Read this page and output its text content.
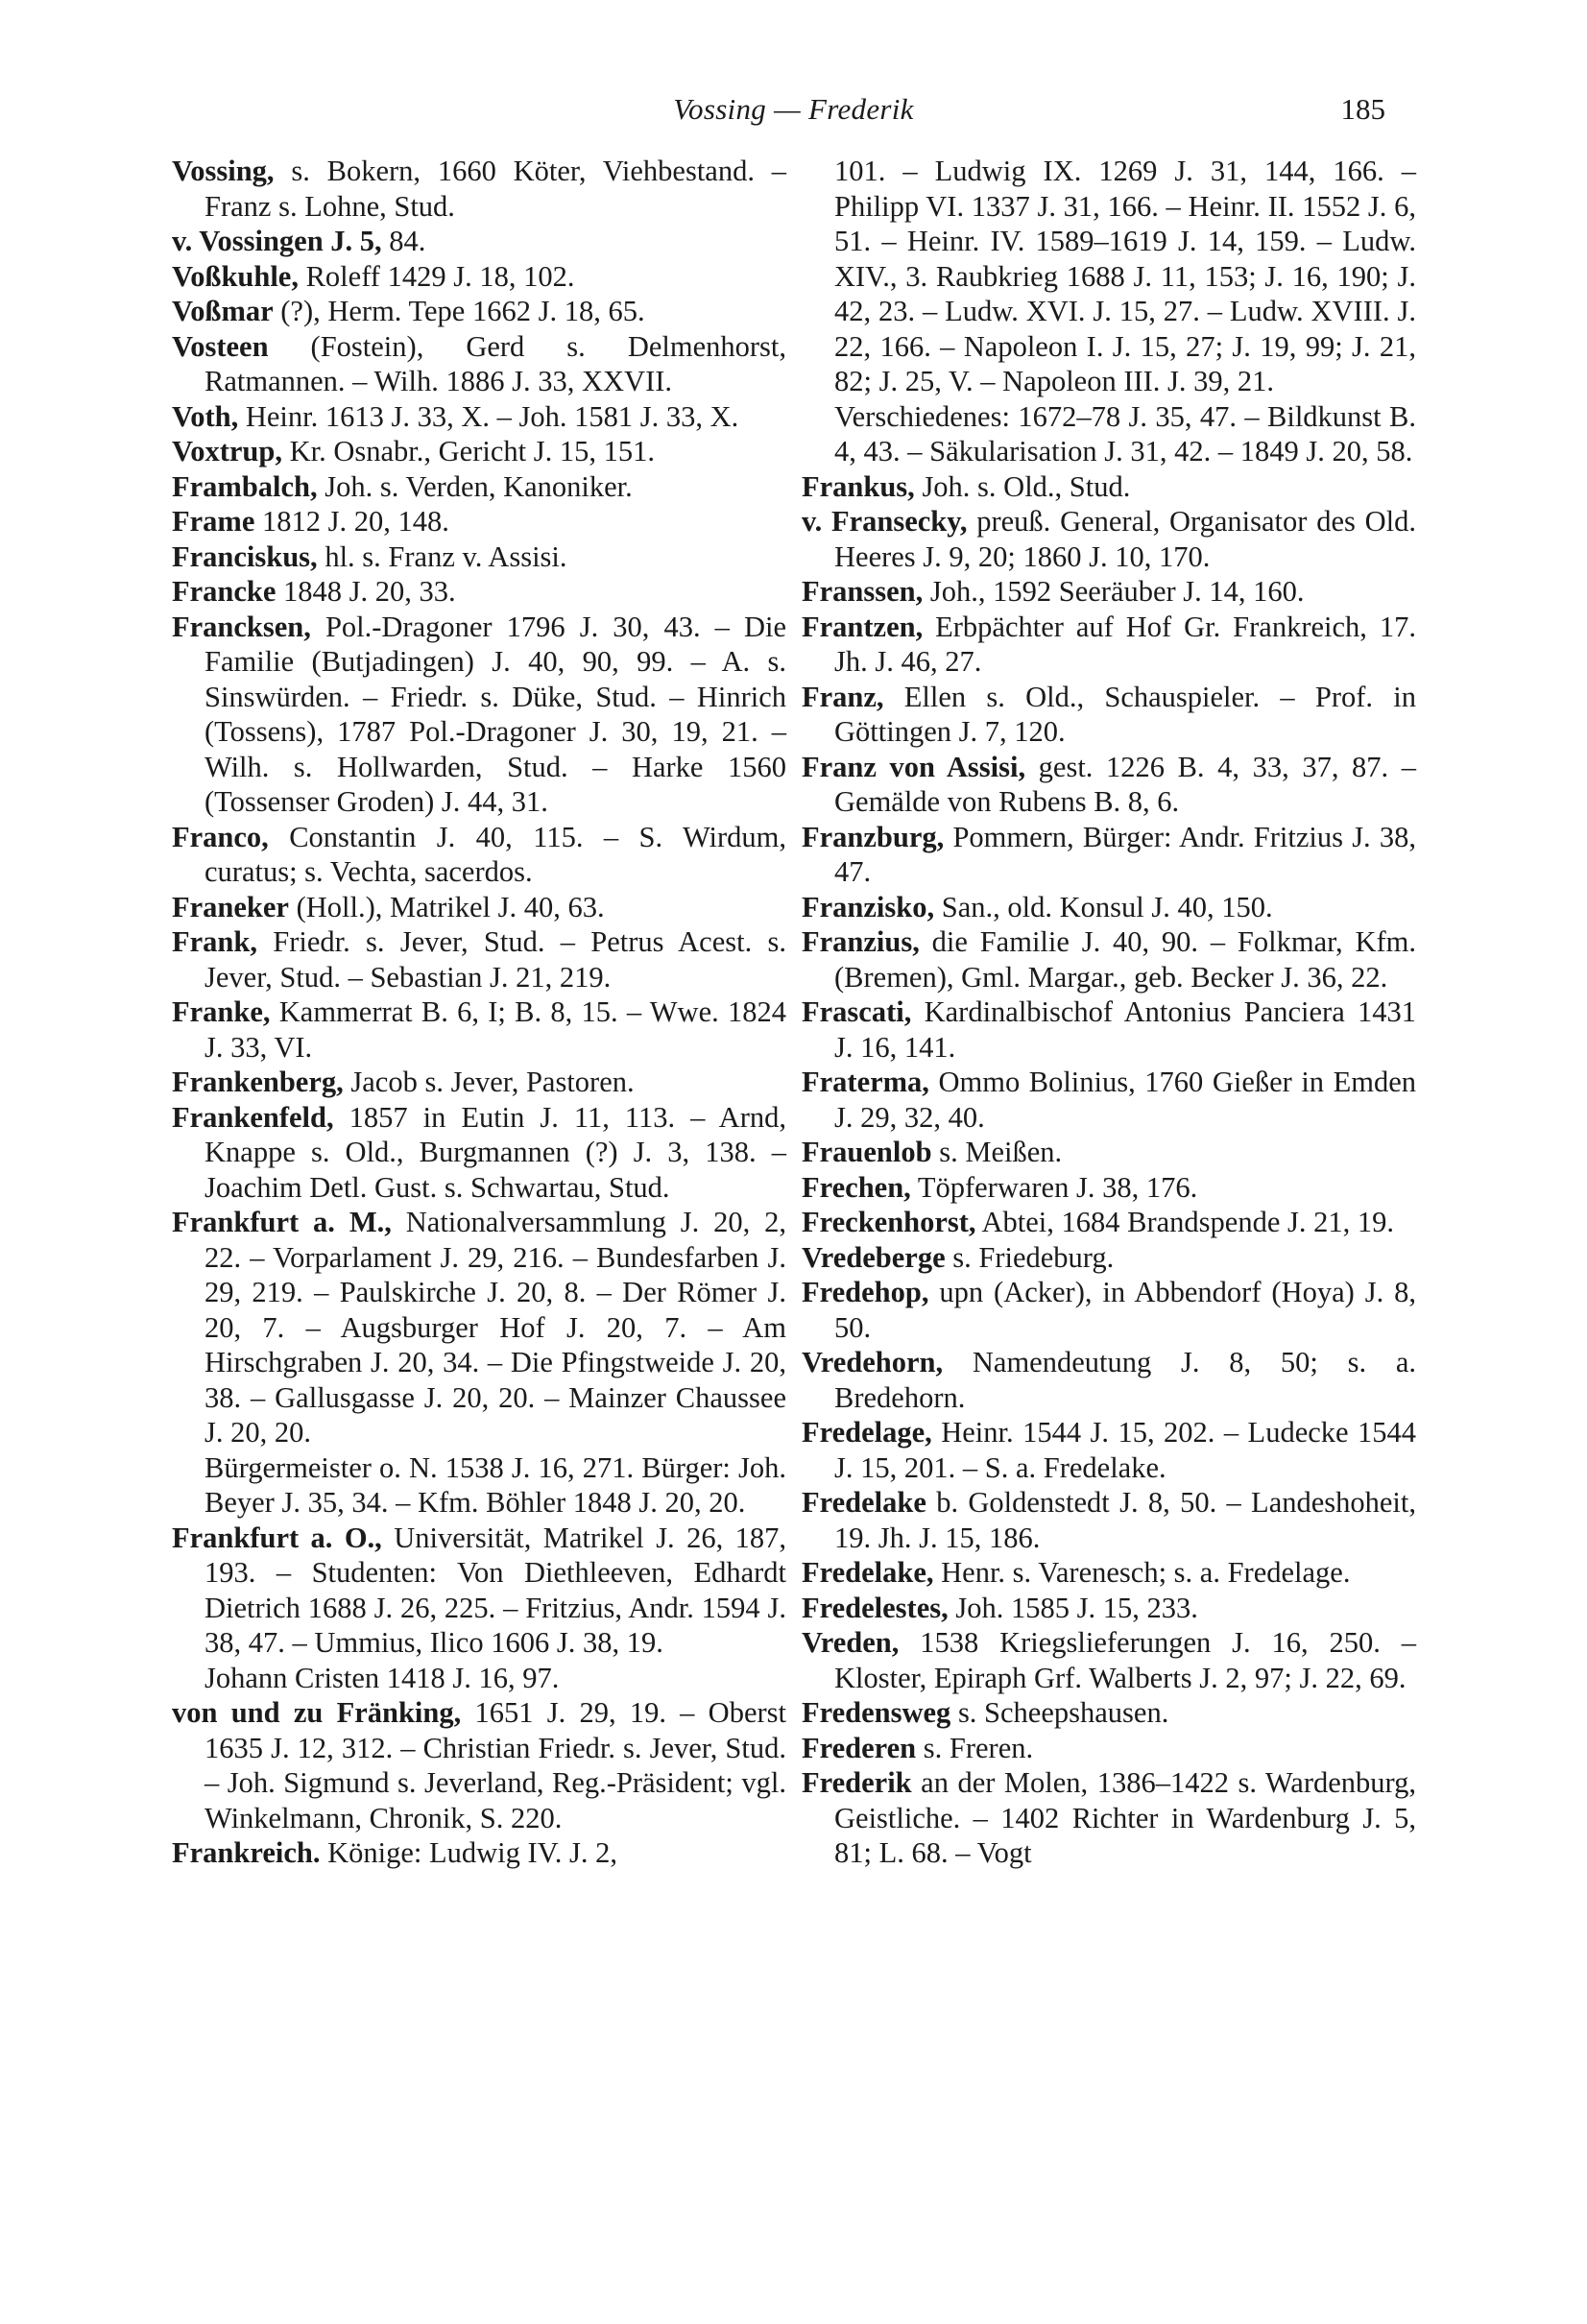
Vossing — Frederik	185

Vossing, s. Bokern, 1660 Köter, Viehbestand. – Franz s. Lohne, Stud.

v. Vossingen J. 5, 84.

Voßkuhle, Roleff 1429 J. 18, 102.

Voßmar (?), Herm. Tepe 1662 J. 18, 65.

Vosteen (Fostein), Gerd s. Delmenhorst, Ratmannen. – Wilh. 1886 J. 33, XXVII.

Voth, Heinr. 1613 J. 33, X. – Joh. 1581 J. 33, X.

Voxtrup, Kr. Osnabr., Gericht J. 15, 151.

Frambalch, Joh. s. Verden, Kanoniker.

Frame 1812 J. 20, 148.

Franciskus, hl. s. Franz v. Assisi.

Francke 1848 J. 20, 33.

Francksen, Pol.-Dragoner 1796 J. 30, 43. – Die Familie (Butjadingen) J. 40, 90, 99. – A. s. Sinswürden. – Friedr. s. Düke, Stud. – Hinrich (Tossens), 1787 Pol.-Dragoner J. 30, 19, 21. – Wilh. s. Hollwarden, Stud. – Harke 1560 (Tossenser Groden) J. 44, 31.

Franco, Constantin J. 40, 115. – S. Wirdum, curatus; s. Vechta, sacerdos.

Franeker (Holl.), Matrikel J. 40, 63.

Frank, Friedr. s. Jever, Stud. – Petrus Acest. s. Jever, Stud. – Sebastian J. 21, 219.

Franke, Kammerrat B. 6, I; B. 8, 15. – Wwe. 1824 J. 33, VI.

Frankenberg, Jacob s. Jever, Pastoren.

Frankenfeld, 1857 in Eutin J. 11, 113. – Arnd, Knappe s. Old., Burgmannen (?) J. 3, 138. – Joachim Detl. Gust. s. Schwartau, Stud.

Frankfurt a. M., Nationalversammlung J. 20, 2, 22. – Vorparlament J. 29, 216. – Bundesfarben J. 29, 219. – Paulskirche J. 20, 8. – Der Römer J. 20, 7. – Augsburger Hof J. 20, 7. – Am Hirschgraben J. 20, 34. – Die Pfingstweide J. 20, 38. – Gallusgasse J. 20, 20. – Mainzer Chaussee J. 20, 20.

Bürgermeister o. N. 1538 J. 16, 271. Bürger: Joh. Beyer J. 35, 34. – Kfm. Böhler 1848 J. 20, 20.

Frankfurt a. O., Universität, Matrikel J. 26, 187, 193. – Studenten: Von Diethleeven, Edhardt Dietrich 1688 J. 26, 225. – Fritzius, Andr. 1594 J. 38, 47. – Ummius, Ilico 1606 J. 38, 19.

Johann Cristen 1418 J. 16, 97.

von und zu Fränking, 1651 J. 29, 19. – Oberst 1635 J. 12, 312. – Christian Friedr. s. Jever, Stud. – Joh. Sigmund s. Jeverland, Reg.-Präsident; vgl. Winkelmann, Chronik, S. 220.

Frankreich. Könige: Ludwig IV. J. 2,

101. – Ludwig IX. 1269 J. 31, 144, 166. – Philipp VI. 1337 J. 31, 166. – Heinr. II. 1552 J. 6, 51. – Heinr. IV. 1589–1619 J. 14, 159. – Ludw. XIV., 3. Raubkrieg 1688 J. 11, 153; J. 16, 190; J. 42, 23. – Ludw. XVI. J. 15, 27. – Ludw. XVIII. J. 22, 166. – Napoleon I. J. 15, 27; J. 19, 99; J. 21, 82; J. 25, V. – Napoleon III. J. 39, 21.

Verschiedenes: 1672–78 J. 35, 47. – Bildkunst B. 4, 43. – Säkularisation J. 31, 42. – 1849 J. 20, 58.

Frankus, Joh. s. Old., Stud.

v. Fransecky, preuß. General, Organisator des Old. Heeres J. 9, 20; 1860 J. 10, 170.

Franssen, Joh., 1592 Seeräuber J. 14, 160.

Frantzen, Erbpächter auf Hof Gr. Frankreich, 17. Jh. J. 46, 27.

Franz, Ellen s. Old., Schauspieler. – Prof. in Göttingen J. 7, 120.

Franz von Assisi, gest. 1226 B. 4, 33, 37, 87. – Gemälde von Rubens B. 8, 6.

Franzburg, Pommern, Bürger: Andr. Fritzius J. 38, 47.

Franzisko, San., old. Konsul J. 40, 150.

Franzius, die Familie J. 40, 90. – Folkmar, Kfm. (Bremen), Gml. Margar., geb. Becker J. 36, 22.

Frascati, Kardinalbischof Antonius Panciera 1431 J. 16, 141.

Fraterma, Ommo Bolinius, 1760 Gießer in Emden J. 29, 32, 40.

Frauenlob s. Meißen.

Frechen, Töpferwaren J. 38, 176.

Freckenhorst, Abtei, 1684 Brandspende J. 21, 19.

Vredeberge s. Friedeburg.

Fredehop, upn (Acker), in Abbendorf (Hoya) J. 8, 50.

Vredehorn, Namendeutung J. 8, 50; s. a. Bredehorn.

Fredelage, Heinr. 1544 J. 15, 202. – Ludecke 1544 J. 15, 201. – S. a. Fredelake.

Fredelake b. Goldenstedt J. 8, 50. – Landeshoheit, 19. Jh. J. 15, 186.

Fredelake, Henr. s. Varenesch; s. a. Fredelage.

Fredelestes, Joh. 1585 J. 15, 233.

Vreden, 1538 Kriegslieferungen J. 16, 250. – Kloster, Epiraph Grf. Walberts J. 2, 97; J. 22, 69.

Fredensweg s. Scheepshausen.

Frederen s. Freren.

Frederik an der Molen, 1386–1422 s. Wardenburg, Geistliche. – 1402 Richter in Wardenburg J. 5, 81; L. 68. – Vogt
